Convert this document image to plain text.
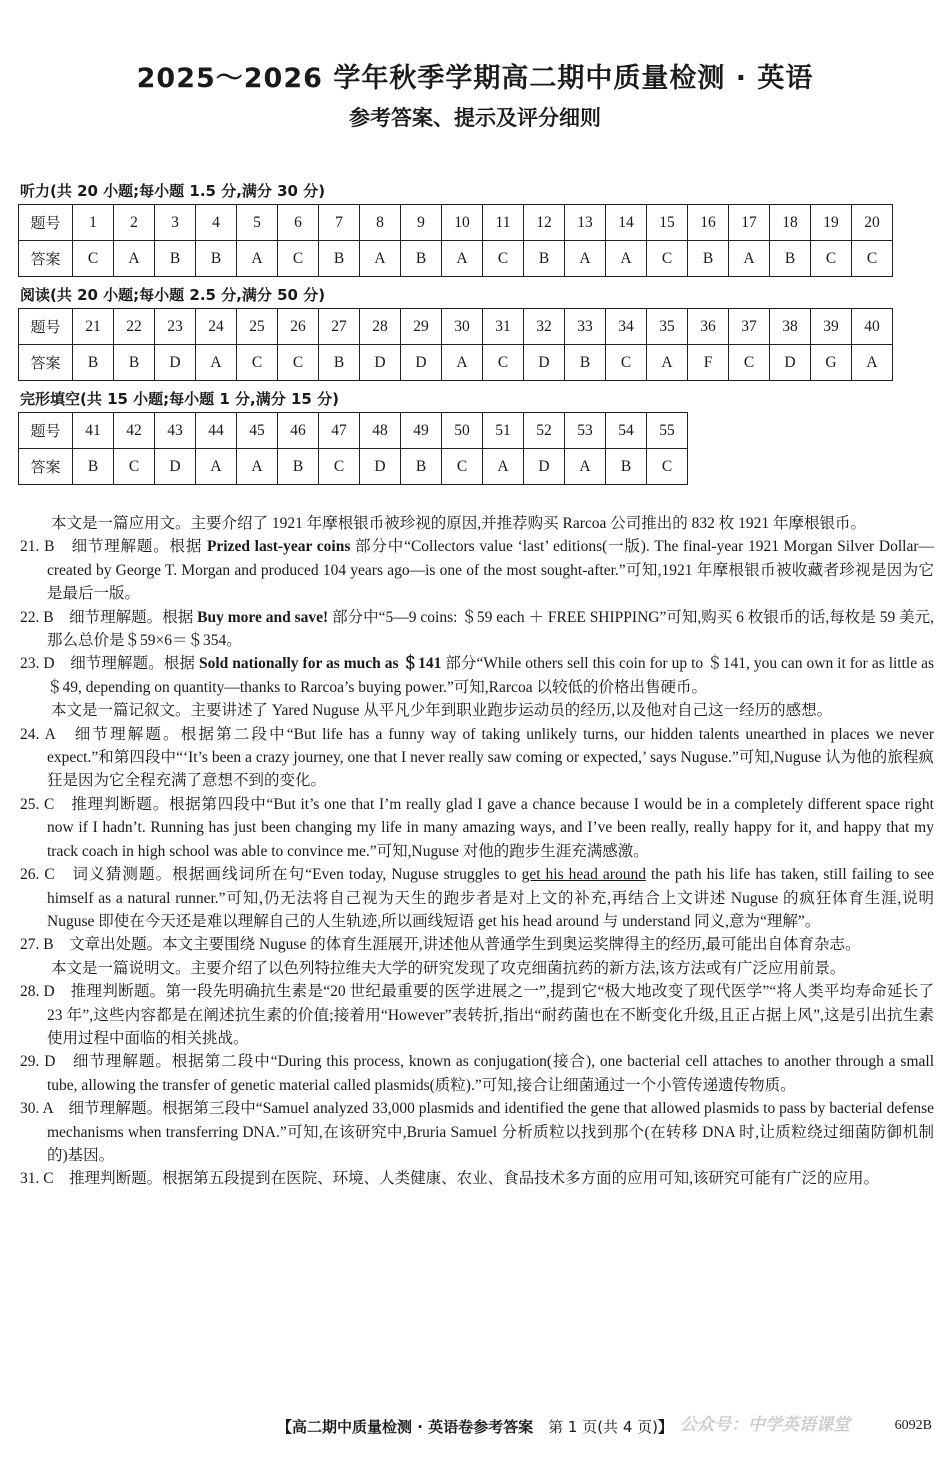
2025～2026 学年秋季学期高二期中质量检测 · 英语
参考答案、提示及评分细则
听力(共 20 小题;每小题 1.5 分,满分 30 分)
题号	1	2	3	4	5	6	7	8	9	10	11	12	13	14	15	16	17	18	19	20
答案	C	A	B	B	A	C	B	A	B	A	C	B	A	A	C	B	A	B	C	C
阅读(共 20 小题;每小题 2.5 分,满分 50 分)
题号	21	22	23	24	25	26	27	28	29	30	31	32	33	34	35	36	37	38	39	40
答案	B	B	D	A	C	C	B	D	D	A	C	D	B	C	A	F	C	D	G	A
完形填空(共 15 小题;每小题 1 分,满分 15 分)
题号	41	42	43	44	45	46	47	48	49	50	51	52	53	54	55
答案	B	C	D	A	A	B	C	D	B	C	A	D	A	B	C

本文是一篇应用文。主要介绍了 1921 年摩根银币被珍视的原因,并推荐购买 Rarcoa 公司推出的 832 枚 1921 年摩根银币。

21. B　细节理解题。根据 Prized last-year coins 部分中“Collectors value ‘last’ editions(一版). The final-year 1921 Morgan Silver Dollar—created by George T. Morgan and produced 104 years ago—is one of the most sought-after.”可知,1921 年摩根银币被收藏者珍视是因为它是最后一版。

22. B　细节理解题。根据 Buy more and save! 部分中“5—9 coins: ＄59 each ＋ FREE SHIPPING”可知,购买 6 枚银币的话,每枚是 59 美元,那么总价是＄59×6＝＄354。

23. D　细节理解题。根据 Sold nationally for as much as ＄141 部分“While others sell this coin for up to ＄141, you can own it for as little as ＄49, depending on quantity—thanks to Rarcoa’s buying power.”可知,Rarcoa 以较低的价格出售硬币。

本文是一篇记叙文。主要讲述了 Yared Nuguse 从平凡少年到职业跑步运动员的经历,以及他对自己这一经历的感想。

24. A　细节理解题。根据第二段中“But life has a funny way of taking unlikely turns, our hidden talents unearthed in places we never expect.”和第四段中“‘It’s been a crazy journey, one that I never really saw coming or expected,’ says Nuguse.”可知,Nuguse 认为他的旅程疯狂是因为它全程充满了意想不到的变化。

25. C　推理判断题。根据第四段中“But it’s one that I’m really glad I gave a chance because I would be in a completely different space right now if I hadn’t. Running has just been changing my life in many amazing ways, and I’ve been really, really happy for it, and happy that my track coach in high school was able to convince me.”可知,Nuguse 对他的跑步生涯充满感激。

26. C　词义猜测题。根据画线词所在句“Even today, Nuguse struggles to get his head around the path his life has taken, still failing to see himself as a natural runner.”可知,仍无法将自己视为天生的跑步者是对上文的补充,再结合上文讲述 Nuguse 的疯狂体育生涯,说明 Nuguse 即使在今天还是难以理解自己的人生轨迹,所以画线短语 get his head around 与 understand 同义,意为“理解”。

27. B　文章出处题。本文主要围绕 Nuguse 的体育生涯展开,讲述他从普通学生到奥运奖牌得主的经历,最可能出自体育杂志。

本文是一篇说明文。主要介绍了以色列特拉维夫大学的研究发现了攻克细菌抗药的新方法,该方法或有广泛应用前景。

28. D　推理判断题。第一段先明确抗生素是“20 世纪最重要的医学进展之一”,提到它“极大地改变了现代医学”“将人类平均寿命延长了 23 年”,这些内容都是在阐述抗生素的价值;接着用“However”表转折,指出“耐药菌也在不断变化升级,且正占据上风”,这是引出抗生素使用过程中面临的相关挑战。

29. D　细节理解题。根据第二段中“During this process, known as conjugation(接合), one bacterial cell attaches to another through a small tube, allowing the transfer of genetic material called plasmids(质粒).”可知,接合让细菌通过一个小管传递遗传物质。

30. A　细节理解题。根据第三段中“Samuel analyzed 33,000 plasmids and identified the gene that allowed plasmids to pass by bacterial defense mechanisms when transferring DNA.”可知,在该研究中,Bruria Samuel 分析质粒以找到那个(在转移 DNA 时,让质粒绕过细菌防御机制的)基因。

31. C　推理判断题。根据第五段提到在医院、环境、人类健康、农业、食品技术多方面的应用可知,该研究可能有广泛的应用。

公众号：中学英语课堂
【高二期中质量检测 · 英语卷参考答案　第 1 页(共 4 页)】	6092B
